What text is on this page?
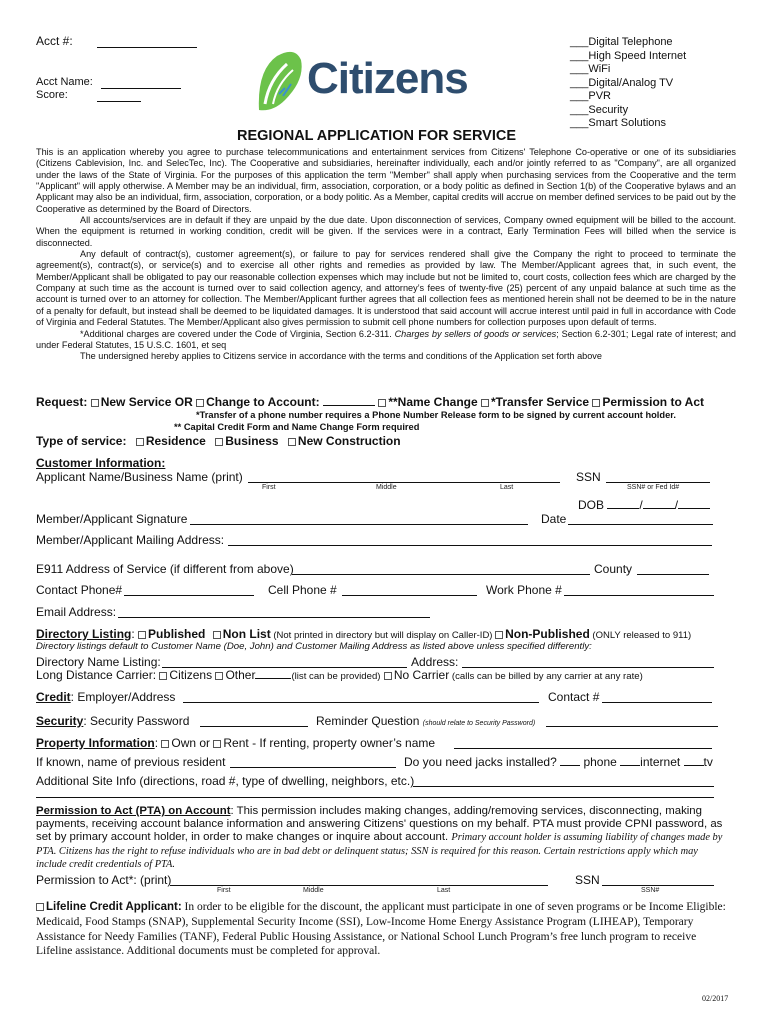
Acct #:
Acct Name:
Score:	Citizens
___Digital Telephone
___High Speed Internet
___WiFi
___Digital/Analog TV
___PVR
___Security
___Smart Solutions
REGIONAL APPLICATION FOR SERVICE

This is an application whereby you agree to purchase telecommunications and entertainment services from Citizens' Telephone Co-operative or one of its subsidiaries (Citizens Cablevision, Inc. and SelecTec, Inc). The Cooperative and subsidiaries, hereinafter individually, each and/or jointly referred to as "Company", are all organized under the laws of the State of Virginia. For the purposes of this application the term "Member" shall apply when purchasing services from the Cooperative and the term "Applicant" will apply otherwise. A Member may be an individual, firm, association, corporation, or a body politic as defined in Section 1(b) of the Cooperative bylaws and an Applicant may also be an individual, firm, association, corporation, or a body politic. As a Member, capital credits will accrue on member defined services to be paid out by the Cooperative as determined by the Board of Directors.

All accounts/services are in default if they are unpaid by the due date. Upon disconnection of services, Company owned equipment will be billed to the account. When the equipment is returned in working condition, credit will be given. If the services were in a contract, Early Termination Fees will billed when the service is disconnected.

Any default of contract(s), customer agreement(s), or failure to pay for services rendered shall give the Company the right to proceed to terminate the agreement(s), contract(s), or service(s) and to exercise all other rights and remedies as provided by law. The Member/Applicant agrees that, in such event, the Member/Applicant shall be obligated to pay our reasonable collection expenses which may include but not be limited to, court costs, collection fees which are charged by the Company at such time as the account is turned over to said collection agency, and attorney’s fees of twenty-five (25) percent of any unpaid balance at such time as the account is turned over to an attorney for collection. The Member/Applicant further agrees that all collection fees as mentioned herein shall not be deemed to be in the nature of a penalty for default, but instead shall be deemed to be liquidated damages. It is understood that said account will accrue interest until paid in full in accordance with Code of Virginia and Federal Statutes. The Member/Applicant also gives permission to submit cell phone numbers for collection purposes upon default of terms.

*Additional charges are covered under the Code of Virginia, Section 6.2-311. Charges by sellers of goods or services; Section 6.2-301; Legal rate of interest; and under Federal Statutes, 15 U.S.C. 1601, et seq

The undersigned hereby applies to Citizens service in accordance with the terms and conditions of the Application set forth above

Request: New Service OR Change to Account:	**Name Change *Transfer Service Permission to Act
*Transfer of a phone number requires a Phone Number Release form to be signed by current account holder.
** Capital Credit Form and Name Change Form required
Type of service: Residence Business New Construction
Customer Information:
Applicant Name/Business Name (print)
First	Middle	Last
SSN
SSN# or Fed Id#
DOB	/	/
Member/Applicant Signature	Date
Member/Applicant Mailing Address:
E911 Address of Service (if different from above)	County
Contact Phone#	Cell Phone #	Work Phone #
Email Address:
Directory Listing: Published Non List (Not printed in directory but will display on Caller-ID) Non-Published (ONLY released to 911)
Directory listings default to Customer Name (Doe, John) and Customer Mailing Address as listed above unless specified differently:
Directory Name Listing:	Address:
Long Distance Carrier: Citizens Other	(list can be provided) No Carrier (calls can be billed by any carrier at any rate)
Credit: Employer/Address	Contact #
Security: Security Password	Reminder Question (should relate to Security Password)
Property Information: Own or Rent - If renting, property owner’s name
If known, name of previous resident	Do you need jacks installed? phone internet tv
Additional Site Info (directions, road #, type of dwelling, neighbors, etc.)
Permission to Act (PTA) on Account: This permission includes making changes, adding/removing services, disconnecting, making payments, receiving account balance information and answering Citizens' questions on my behalf. PTA must provide CPNI password, as set by primary account holder, in order to make changes or inquire about account. Primary account holder is assuming liability of changes made by PTA. Citizens has the right to refuse individuals who are in bad debt or delinquent status; SSN is required for this reason. Certain restrictions apply which may include credit credentials of PTA.
Permission to Act*: (print)
First	Middle	Last
SSN
SSN#
Lifeline Credit Applicant: In order to be eligible for the discount, the applicant must participate in one of seven programs or be Income Eligible: Medicaid, Food Stamps (SNAP), Supplemental Security Income (SSI), Low-Income Home Energy Assistance Program (LIHEAP), Temporary Assistance for Needy Families (TANF), Federal Public Housing Assistance, or National School Lunch Program’s free lunch program to receive Lifeline assistance. Additional documents must be completed for approval.
02/2017
